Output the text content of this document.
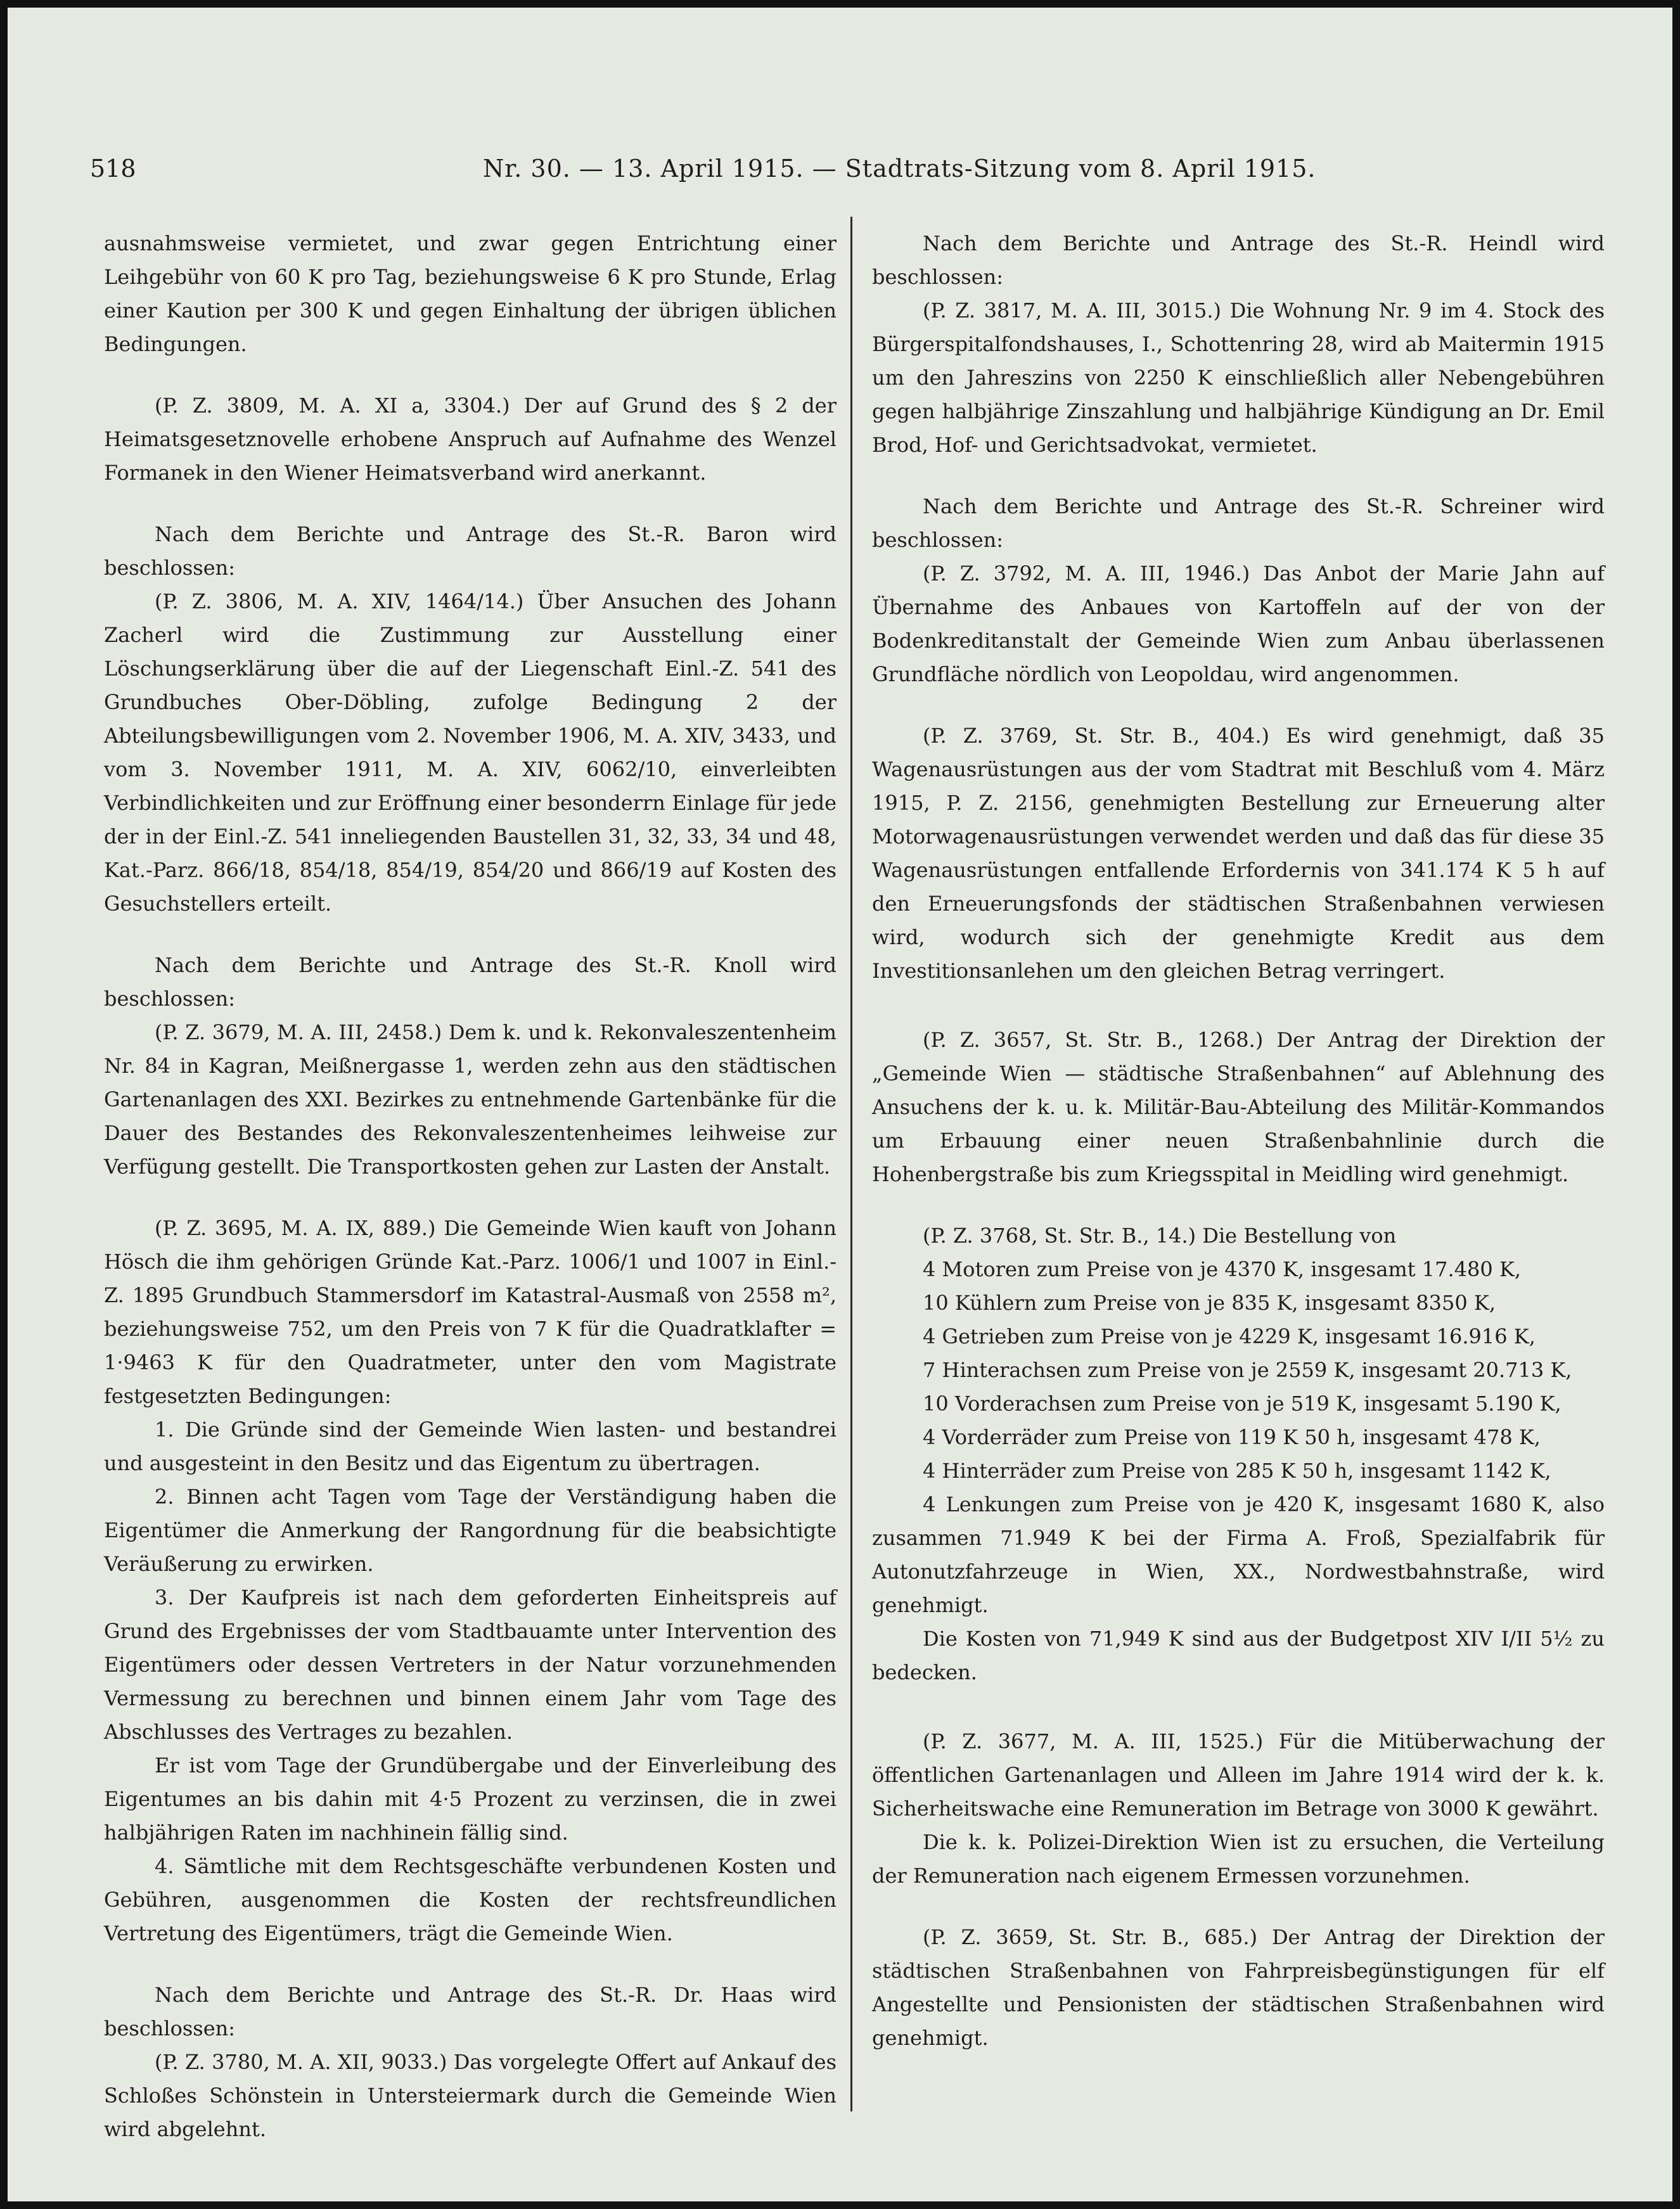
518	Nr. 30. — 13. April 1915. — Stadtrats-Sitzung vom 8. April 1915.

ausnahmsweise vermietet, und zwar gegen Entrichtung einer Leihgebühr von 60 K pro Tag, beziehungsweise 6 K pro Stunde, Erlag einer Kaution per 300 K und gegen Einhaltung der übrigen üblichen Bedingungen.

(P. Z. 3809, M. A. XI a, 3304.) Der auf Grund des § 2 der Heimatsgesetznovelle erhobene Anspruch auf Aufnahme des Wenzel Formanek in den Wiener Heimatsverband wird anerkannt.

Nach dem Berichte und Antrage des St.-R. Baron wird beschlossen:

(P. Z. 3806, M. A. XIV, 1464/14.) Über Ansuchen des Johann Zacherl wird die Zustimmung zur Ausstellung einer Löschungserklärung über die auf der Liegenschaft Einl.-Z. 541 des Grundbuches Ober-Döbling, zufolge Bedingung 2 der Abteilungsbewilligungen vom 2. November 1906, M. A. XIV, 3433, und vom 3. November 1911, M. A. XIV, 6062/10, einverleibten Verbindlichkeiten und zur Eröffnung einer besonderrn Einlage für jede der in der Einl.-Z. 541 inneliegenden Baustellen 31, 32, 33, 34 und 48, Kat.-Parz. 866/18, 854/18, 854/19, 854/20 und 866/19 auf Kosten des Gesuchstellers erteilt.

Nach dem Berichte und Antrage des St.-R. Knoll wird beschlossen:

(P. Z. 3679, M. A. III, 2458.) Dem k. und k. Rekonvaleszentenheim Nr. 84 in Kagran, Meißnergasse 1, werden zehn aus den städtischen Gartenanlagen des XXI. Bezirkes zu entnehmende Gartenbänke für die Dauer des Bestandes des Rekonvaleszentenheimes leihweise zur Verfügung gestellt. Die Transportkosten gehen zur Lasten der Anstalt.

(P. Z. 3695, M. A. IX, 889.) Die Gemeinde Wien kauft von Johann Hösch die ihm gehörigen Gründe Kat.-Parz. 1006/1 und 1007 in Einl.-Z. 1895 Grundbuch Stammersdorf im Katastral-Ausmaß von 2558 m², beziehungsweise 752, um den Preis von 7 K für die Quadratklafter = 1·9463 K für den Quadratmeter, unter den vom Magistrate festgesetzten Bedingungen:

1. Die Gründe sind der Gemeinde Wien lasten- und bestandrei und ausgesteint in den Besitz und das Eigentum zu übertragen.

2. Binnen acht Tagen vom Tage der Verständigung haben die Eigentümer die Anmerkung der Rangordnung für die beabsichtigte Veräußerung zu erwirken.

3. Der Kaufpreis ist nach dem geforderten Einheitspreis auf Grund des Ergebnisses der vom Stadtbauamte unter Intervention des Eigentümers oder dessen Vertreters in der Natur vorzunehmenden Vermessung zu berechnen und binnen einem Jahr vom Tage des Abschlusses des Vertrages zu bezahlen.

Er ist vom Tage der Grundübergabe und der Einverleibung des Eigentumes an bis dahin mit 4·5 Prozent zu verzinsen, die in zwei halbjährigen Raten im nachhinein fällig sind.

4. Sämtliche mit dem Rechtsgeschäfte verbundenen Kosten und Gebühren, ausgenommen die Kosten der rechtsfreundlichen Vertretung des Eigentümers, trägt die Gemeinde Wien.

Nach dem Berichte und Antrage des St.-R. Dr. Haas wird beschlossen:

(P. Z. 3780, M. A. XII, 9033.) Das vorgelegte Offert auf Ankauf des Schloßes Schönstein in Untersteiermark durch die Gemeinde Wien wird abgelehnt.

Nach dem Berichte und Antrage des St.-R. Heindl wird beschlossen:

(P. Z. 3817, M. A. III, 3015.) Die Wohnung Nr. 9 im 4. Stock des Bürgerspitalfondshauses, I., Schottenring 28, wird ab Maitermin 1915 um den Jahreszins von 2250 K einschließlich aller Nebengebühren gegen halbjährige Zinszahlung und halbjährige Kündigung an Dr. Emil Brod, Hof- und Gerichtsadvokat, vermietet.

Nach dem Berichte und Antrage des St.-R. Schreiner wird beschlossen:

(P. Z. 3792, M. A. III, 1946.) Das Anbot der Marie Jahn auf Übernahme des Anbaues von Kartoffeln auf der von der Bodenkreditanstalt der Gemeinde Wien zum Anbau überlassenen Grundfläche nördlich von Leopoldau, wird angenommen.

(P. Z. 3769, St. Str. B., 404.) Es wird genehmigt, daß 35 Wagenausrüstungen aus der vom Stadtrat mit Beschluß vom 4. März 1915, P. Z. 2156, genehmigten Bestellung zur Erneuerung alter Motorwagenausrüstungen verwendet werden und daß das für diese 35 Wagenausrüstungen entfallende Erfordernis von 341.174 K 5 h auf den Erneuerungsfonds der städtischen Straßenbahnen verwiesen wird, wodurch sich der genehmigte Kredit aus dem Investitionsanlehen um den gleichen Betrag verringert.

(P. Z. 3657, St. Str. B., 1268.) Der Antrag der Direktion der „Gemeinde Wien — städtische Straßenbahnen“ auf Ablehnung des Ansuchens der k. u. k. Militär-Bau-Abteilung des Militär-Kommandos um Erbauung einer neuen Straßenbahnlinie durch die Hohenbergstraße bis zum Kriegsspital in Meidling wird genehmigt.

(P. Z. 3768, St. Str. B., 14.) Die Bestellung von

4 Motoren zum Preise von je 4370 K, insgesamt 17.480 K,

10 Kühlern zum Preise von je 835 K, insgesamt 8350 K,

4 Getrieben zum Preise von je 4229 K, insgesamt 16.916 K,

7 Hinterachsen zum Preise von je 2559 K, insgesamt 20.713 K,

10 Vorderachsen zum Preise von je 519 K, insgesamt 5.190 K,

4 Vorderräder zum Preise von 119 K 50 h, insgesamt 478 K,

4 Hinterräder zum Preise von 285 K 50 h, insgesamt 1142 K,

4 Lenkungen zum Preise von je 420 K, insgesamt 1680 K, also zusammen 71.949 K bei der Firma A. Froß, Spezialfabrik für Autonutzfahrzeuge in Wien, XX., Nordwestbahnstraße, wird genehmigt.

Die Kosten von 71,949 K sind aus der Budgetpost XIV I/II 5½ zu bedecken.

(P. Z. 3677, M. A. III, 1525.) Für die Mitüberwachung der öffentlichen Gartenanlagen und Alleen im Jahre 1914 wird der k. k. Sicherheitswache eine Remuneration im Betrage von 3000 K gewährt.

Die k. k. Polizei-Direktion Wien ist zu ersuchen, die Verteilung der Remuneration nach eigenem Ermessen vorzunehmen.

(P. Z. 3659, St. Str. B., 685.) Der Antrag der Direktion der städtischen Straßenbahnen von Fahrpreisbegünstigungen für elf Angestellte und Pensionisten der städtischen Straßenbahnen wird genehmigt.
